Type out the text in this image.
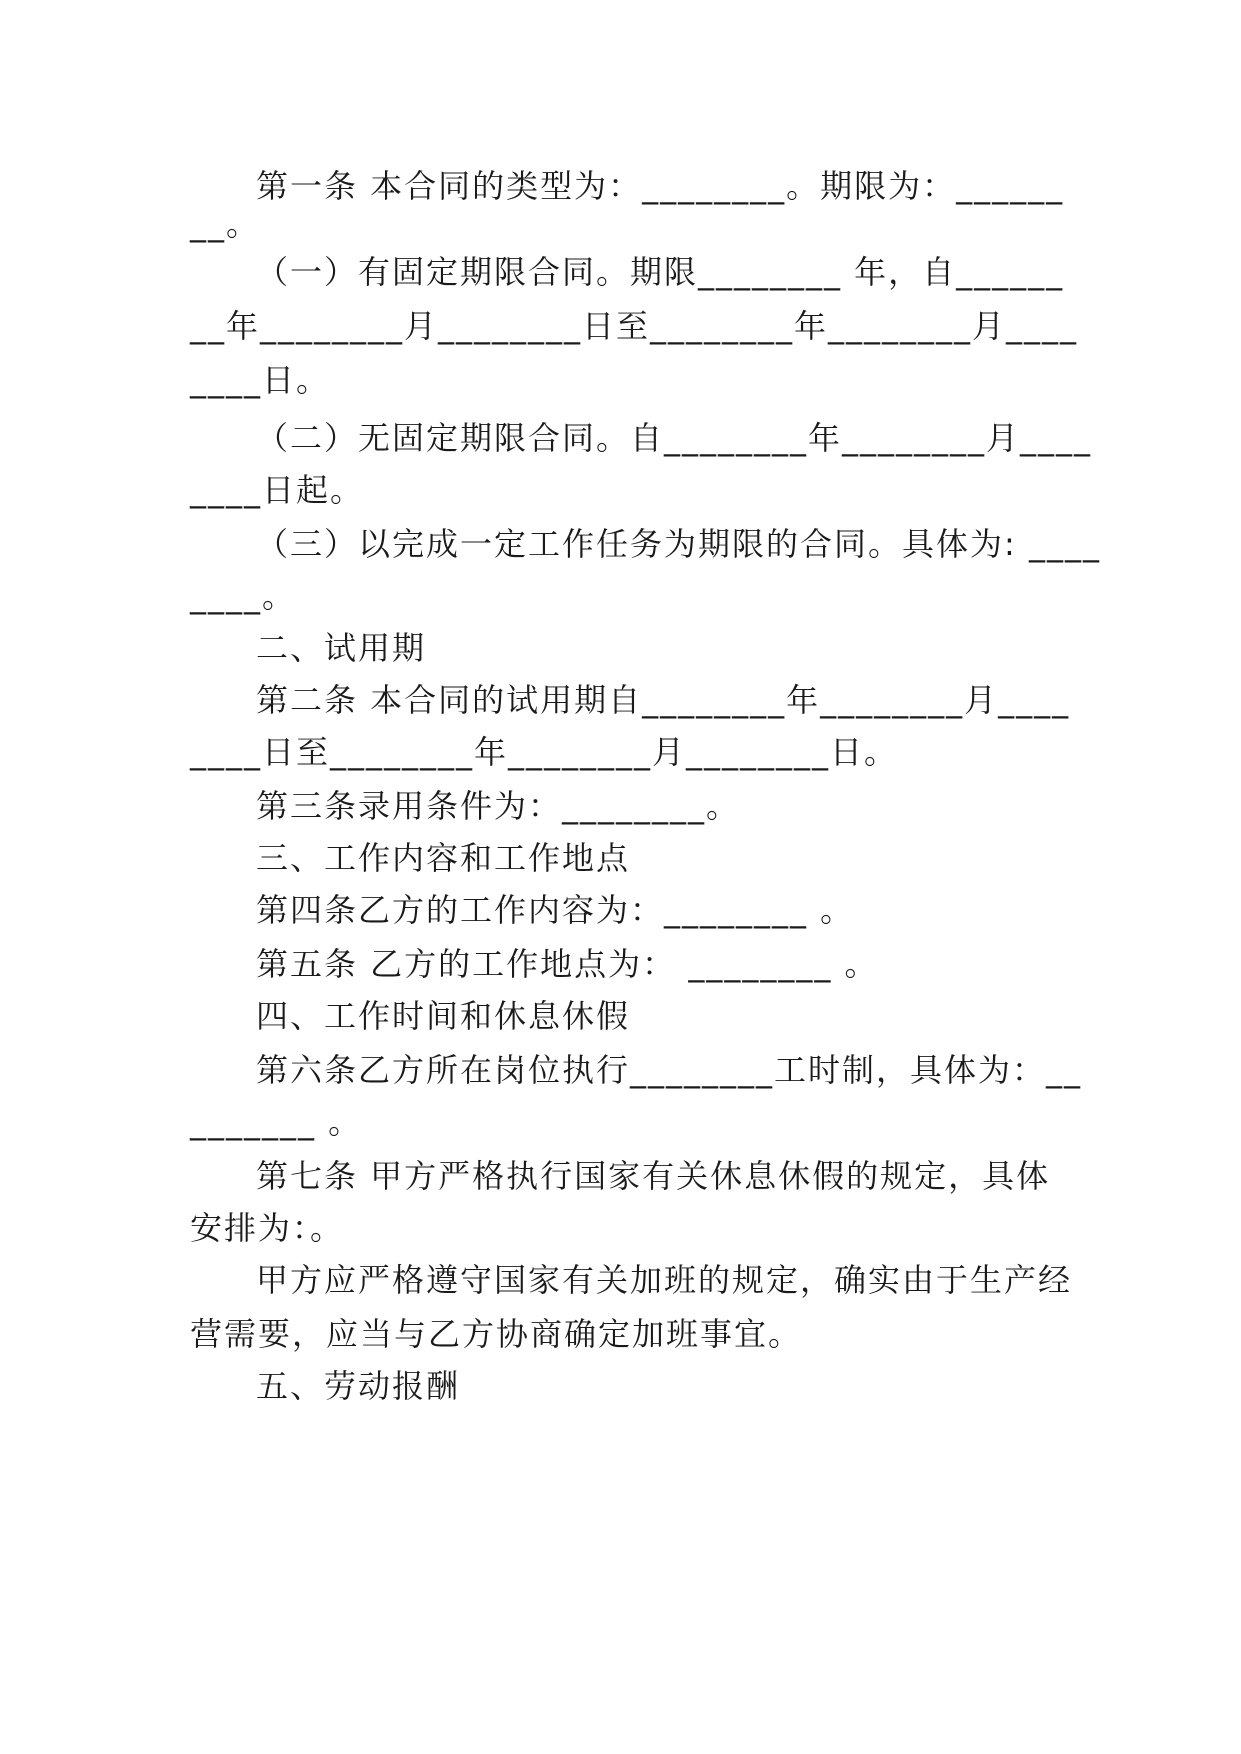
第一条 本合同的类型为：________。期限为：______
__。
（一）有固定期限合同。期限________ 年，自______
__年________月________日至________年________月____
____日。
（二）无固定期限合同。自________年________月____
____日起。
（三）以完成一定工作任务为期限的合同。具体为: ____
____。
二、试用期
第二条 本合同的试用期自________年________月____
____日至________年________月________日。
第三条录用条件为：________。
三、工作内容和工作地点
第四条乙方的工作内容为：________ 。
第五条 乙方的工作地点为： ________ 。
四、工作时间和休息休假
第六条乙方所在岗位执行________工时制，具体为：__
_______ 。
第七条 甲方严格执行国家有关休息休假的规定，具体
安排为：。
甲方应严格遵守国家有关加班的规定，确实由于生产经
营需要，应当与乙方协商确定加班事宜。
五、劳动报酬
